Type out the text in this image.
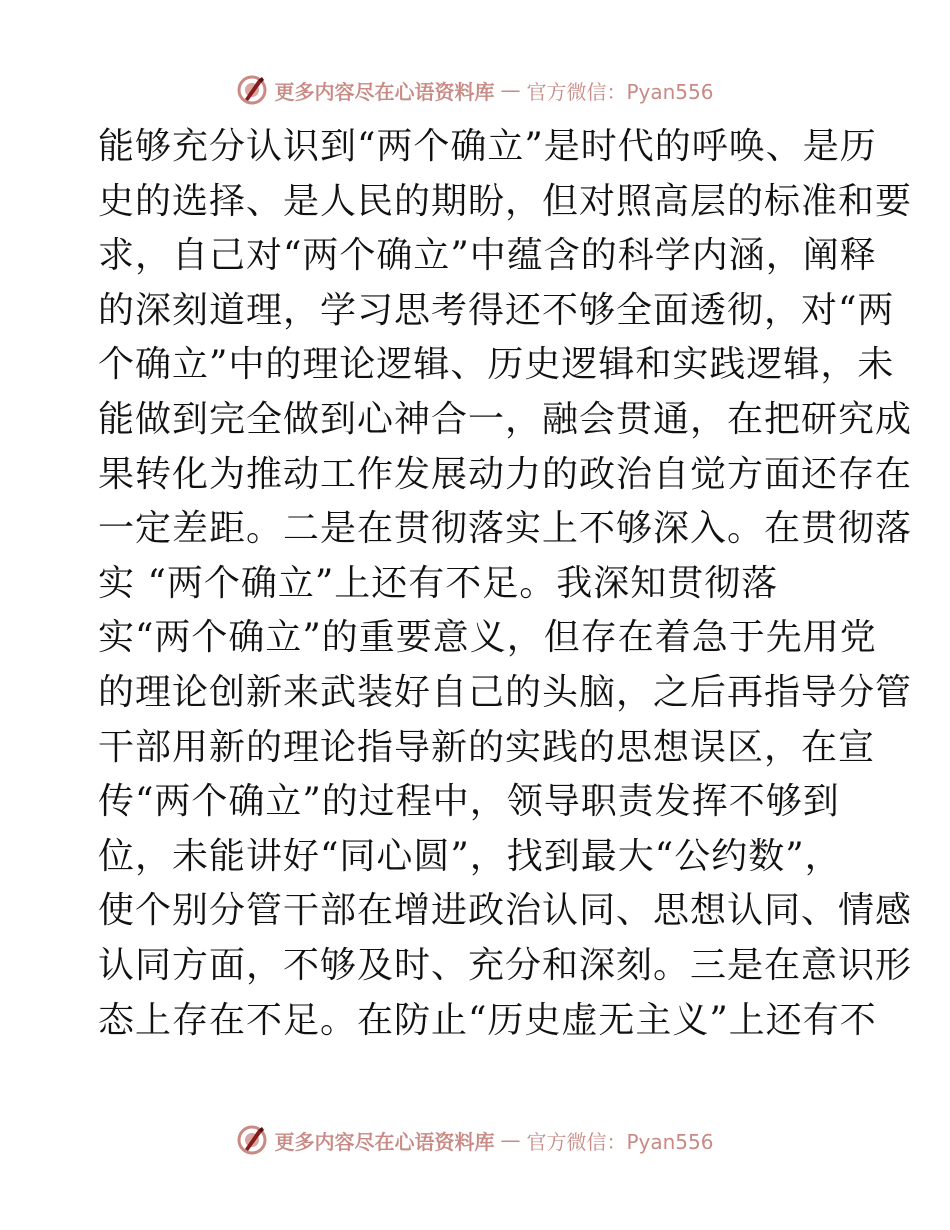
更多内容尽在心语资料库 — 官方微信：Pyan556
能够充分认识到“两个确立”是时代的呼唤、是历
史的选择、是人民的期盼，但对照高层的标准和要
求，自己对“两个确立”中蕴含的科学内涵，阐释
的深刻道理，学习思考得还不够全面透彻，对“两
个确立”中的理论逻辑、历史逻辑和实践逻辑，未
能做到完全做到心神合一，融会贯通，在把研究成
果转化为推动工作发展动力的政治自觉方面还存在
一定差距。二是在贯彻落实上不够深入。在贯彻落
实 “两个确立”上还有不足。我深知贯彻落
实“两个确立”的重要意义，但存在着急于先用党
的理论创新来武装好自己的头脑，之后再指导分管
干部用新的理论指导新的实践的思想误区，在宣
传“两个确立”的过程中，领导职责发挥不够到
位，未能讲好“同心圆”，找到最大“公约数”，
使个别分管干部在增进政治认同、思想认同、情感
认同方面，不够及时、充分和深刻。三是在意识形
态上存在不足。在防止“历史虚无主义”上还有不
更多内容尽在心语资料库 — 官方微信：Pyan556
